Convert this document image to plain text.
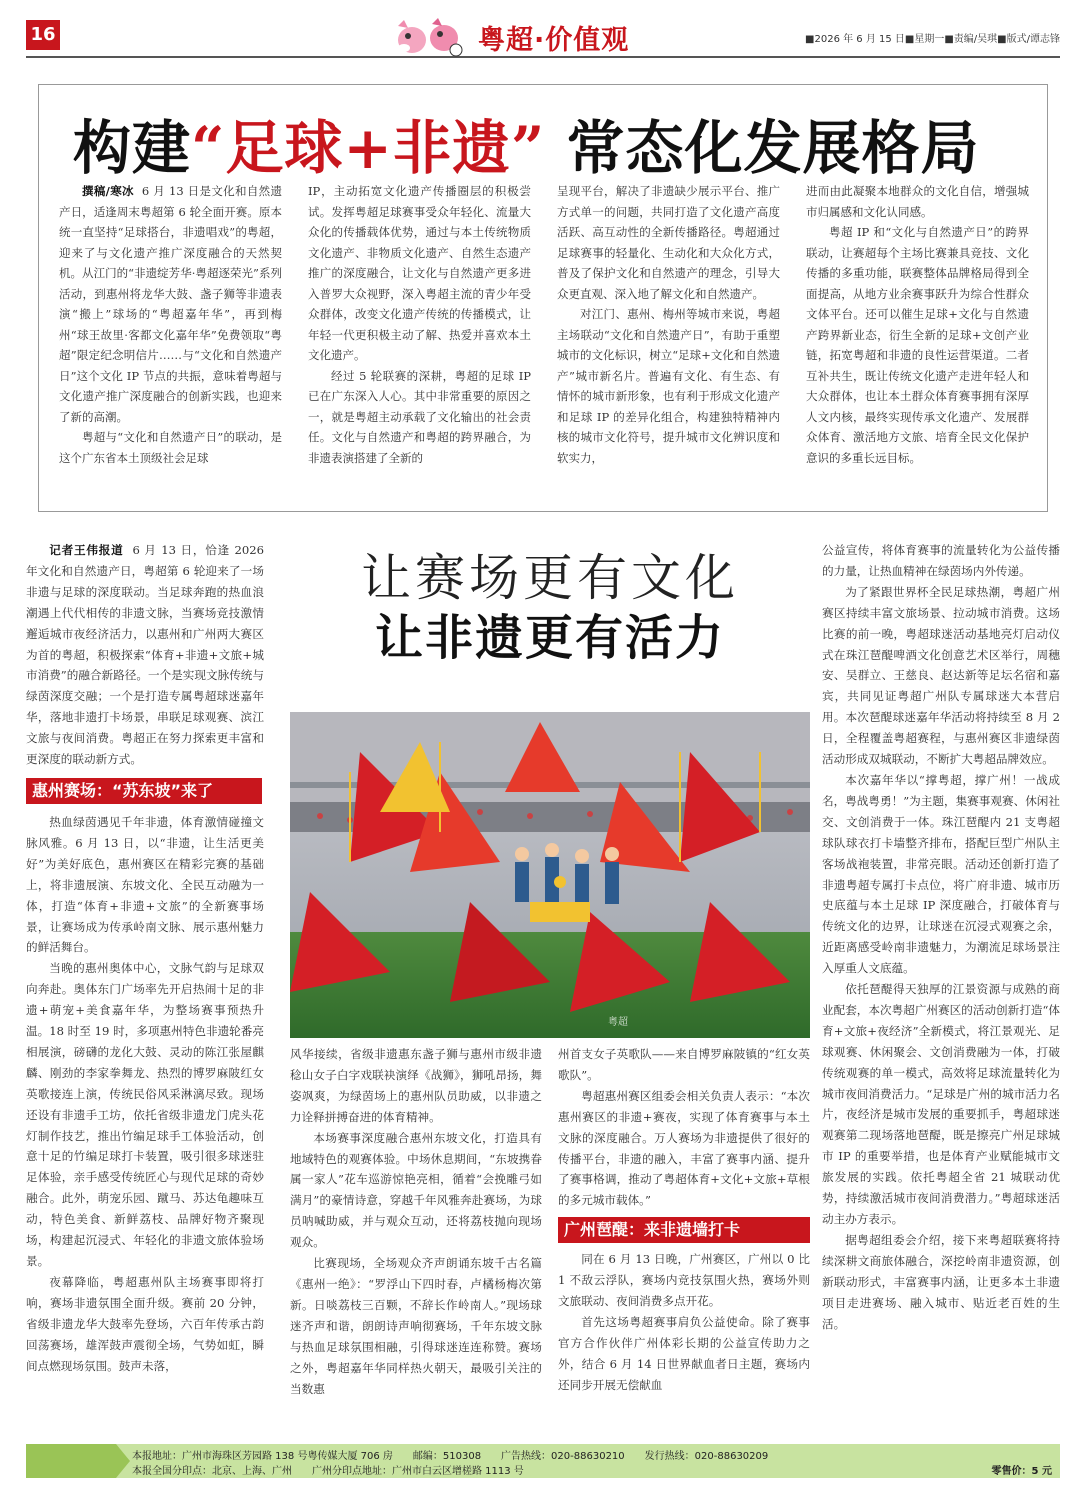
16	粤超·价值观	■2026 年 6 月 15 日■星期一■责编/吴琪■版式/谭志锋
构建“足球+非遗” 常态化发展格局

撰稿/寒冰 6 月 13 日是文化和自然遗产日，适逢周末粤超第 6 轮全面开赛。原本统一直坚持“足球搭台，非遗唱戏”的粤超，迎来了与文化遗产推广深度融合的天然契机。从江门的“非遗绽芳华·粤超逐荣光”系列活动，到惠州将龙华大鼓、盏子狮等非遗表演“搬上”球场的“粤超嘉年华”，再到梅州“球王故里·客都文化嘉年华”免费领取“粤超”限定纪念明信片……与“文化和自然遗产日”这个文化 IP 节点的共振，意味着粤超与文化遗产推广深度融合的创新实践，也迎来了新的高潮。

粤超与“文化和自然遗产日”的联动，是这个广东省本土顶级社会足球

IP，主动拓宽文化遗产传播圈层的积极尝试。发挥粤超足球赛事受众年轻化、流量大众化的传播载体优势，通过与本土传统物质文化遗产、非物质文化遗产、自然生态遗产推广的深度融合，让文化与自然遗产更多进入普罗大众视野，深入粤超主流的青少年受众群体，改变文化遗产传统的传播模式，让年轻一代更积极主动了解、热爱并喜欢本土文化遗产。

经过 5 轮联赛的深耕，粤超的足球 IP 已在广东深入人心。其中非常重要的原因之一，就是粤超主动承载了文化输出的社会责任。文化与自然遗产和粤超的跨界融合，为非遗表演搭建了全新的

呈现平台，解决了非遗缺少展示平台、推广方式单一的问题，共同打造了文化遗产高度活跃、高互动性的全新传播路径。粤超通过足球赛事的轻量化、生动化和大众化方式，普及了保护文化和自然遗产的理念，引导大众更直观、深入地了解文化和自然遗产。

对江门、惠州、梅州等城市来说，粤超主场联动“文化和自然遗产日”，有助于重塑城市的文化标识，树立“足球+文化和自然遗产”城市新名片。普遍有文化、有生态、有情怀的城市新形象，也有利于形成文化遗产和足球 IP 的差异化组合，构建独特精神内核的城市文化符号，提升城市文化辨识度和软实力，

进而由此凝聚本地群众的文化自信，增强城市归属感和文化认同感。

粤超 IP 和“文化与自然遗产日”的跨界联动，让赛超每个主场比赛兼具竞技、文化传播的多重功能，联赛整体品牌格局得到全面提高，从地方业余赛事跃升为综合性群众文体平台。还可以催生足球+文化与自然遗产跨界新业态，衍生全新的足球+文创产业链，拓宽粤超和非遗的良性运营渠道。二者互补共生，既让传统文化遗产走进年轻人和大众群体，也让本土群众体育赛事拥有深厚人文内核，最终实现传承文化遗产、发展群众体育、激活地方文旅、培育全民文化保护意识的多重长远目标。

记者王伟报道 6 月 13 日，恰逢 2026 年文化和自然遗产日，粤超第 6 轮迎来了一场非遗与足球的深度联动。当足球奔跑的热血浪潮遇上代代相传的非遗文脉，当赛场竞技激情邂逅城市夜经济活力，以惠州和广州两大赛区为首的粤超，积极探索“体育+非遗+文旅+城市消费”的融合新路径。一个是实现文脉传统与绿茵深度交融；一个是打造专属粤超球迷嘉年华，落地非遗打卡场景，串联足球观赛、滨江文旅与夜间消费。粤超正在努力探索更丰富和更深度的联动新方式。

惠州赛场：“苏东坡”来了

热血绿茵遇见千年非遗，体育激情碰撞文脉风雅。6 月 13 日，以“非遗，让生活更美好”为美好底色，惠州赛区在精彩完赛的基础上，将非遗展演、东坡文化、全民互动融为一体，打造“体育+非遗+文旅”的全新赛事场景，让赛场成为传承岭南文脉、展示惠州魅力的鲜活舞台。

当晚的惠州奥体中心，文脉气韵与足球双向奔赴。奥体东门广场率先开启热闹十足的非遗+萌宠+美食嘉年华，为整场赛事预热升温。18 时至 19 时，多项惠州特色非遗轮番亮相展演，磅礴的龙化大鼓、灵动的陈江张屋麒麟、刚劲的李家拳舞龙、热烈的博罗麻陂红女英歌接连上演，传统民俗风采淋漓尽致。现场还设有非遗手工坊，依托省级非遗龙门虎头花灯制作技艺，推出竹编足球手工体验活动，创意十足的竹编足球打卡装置，吸引很多球迷驻足体验，亲手感受传统匠心与现代足球的奇妙融合。此外，萌宠乐园、蹴马、苏达龟趣味互动，特色美食、新鲜荔枝、品牌好物齐聚现场，构建起沉浸式、年轻化的非遗文旅体验场景。

夜幕降临，粤超惠州队主场赛事即将打响，赛场非遗氛围全面升级。赛前 20 分钟，省级非遗龙华大鼓率先登场，六百年传承古韵回荡赛场，雄浑鼓声震彻全场，气势如虹，瞬间点燃现场氛围。鼓声未落，

让赛场更有文化
让非遗更有活力
粤超

风华接续，省级非遗惠东盏子狮与惠州市级非遗稔山女子白字戏联袂演绎《战狮》，狮吼昂扬，舞姿飒爽，为绿茵场上的惠州队员助威，以非遗之力诠释拼搏奋进的体育精神。

本场赛事深度融合惠州东坡文化，打造具有地域特色的观赛体验。中场休息期间，“东坡携眷属一家人”花车巡游惊艳亮相，循着“会挽雕弓如满月”的豪情诗意，穿越千年风雅奔赴赛场，为球员呐喊助威，并与观众互动，还将荔枝抛向现场观众。

比赛现场，全场观众齐声朗诵东坡千古名篇《惠州一绝》：“罗浮山下四时春，卢橘杨梅次第新。日啖荔枝三百颗，不辞长作岭南人。”现场球迷齐声和谐，朗朗诗声响彻赛场，千年东坡文脉与热血足球氛围相融，引得球迷连连称赞。赛场之外，粤超嘉年华同样热火朝天，最吸引关注的当数惠

州首支女子英歌队——来自博罗麻陂镇的“红女英歌队”。

粤超惠州赛区组委会相关负责人表示：“本次惠州赛区的非遗+赛夜，实现了体育赛事与本土文脉的深度融合。万人赛场为非遗提供了很好的传播平台，非遗的融入，丰富了赛事内涵、提升了赛事格调，推动了粤超体育+文化+文旅+草根的多元城市载体。”

广州琶醍：来非遗墙打卡

同在 6 月 13 日晚，广州赛区，广州以 0 比 1 不敌云浮队，赛场内竞技氛围火热，赛场外则文旅联动、夜间消费多点开花。

首先这场粤超赛事肩负公益使命。除了赛事官方合作伙伴广州体彩长期的公益宣传助力之外，结合 6 月 14 日世界献血者日主题，赛场内还同步开展无偿献血

公益宣传，将体育赛事的流量转化为公益传播的力量，让热血精神在绿茵场内外传递。

为了紧跟世界杯全民足球热潮，粤超广州赛区持续丰富文旅场景、拉动城市消费。这场比赛的前一晚，粤超球迷活动基地亮灯启动仪式在珠江琶醍啤酒文化创意艺术区举行，周穗安、吴群立、王慈良、赵达新等足坛名宿和嘉宾，共同见证粤超广州队专属球迷大本营启用。本次琶醍球迷嘉年华活动将持续至 8 月 2 日，全程覆盖粤超赛程，与惠州赛区非遗绿茵活动形成双城联动，不断扩大粤超品牌效应。

本次嘉年华以“撑粤超，撑广州！一战成名，粤战粤勇！”为主题，集赛事观赛、休闲社交、文创消费于一体。珠江琶醍内 21 支粤超球队球衣打卡墙整齐排布，搭配巨型广州队主客场战袍装置，非常亮眼。活动还创新打造了非遗粤超专属打卡点位，将广府非遗、城市历史底蕴与本土足球 IP 深度融合，打破体育与传统文化的边界，让球迷在沉浸式观赛之余，近距离感受岭南非遗魅力，为潮流足球场景注入厚重人文底蕴。

依托琶醍得天独厚的江景资源与成熟的商业配套，本次粤超广州赛区的活动创新打造“体育+文旅+夜经济”全新模式，将江景观光、足球观赛、休闲聚会、文创消费融为一体，打破传统观赛的单一模式，高效将足球流量转化为城市夜间消费活力。“足球是广州的城市活力名片，夜经济是城市发展的重要抓手，粤超球迷观赛第二现场落地琶醍，既是擦亮广州足球城市 IP 的重要举措，也是体育产业赋能城市文旅发展的实践。依托粤超全省 21 城联动优势，持续激活城市夜间消费潜力。”粤超球迷活动主办方表示。

据粤超组委会介绍，接下来粤超联赛将持续深耕文商旅体融合，深挖岭南非遗资源，创新联动形式，丰富赛事内涵，让更多本土非遗项目走进赛场、融入城市、贴近老百姓的生活。

本报地址：广州市海珠区芳园路 138 号粤传媒大厦 706 房　　邮编：510308　　广告热线：020-88630210　　发行热线：020-88630209
本报全国分印点：北京、上海、广州　　广州分印点地址：广州市白云区增槎路 1113 号	零售价：5 元
